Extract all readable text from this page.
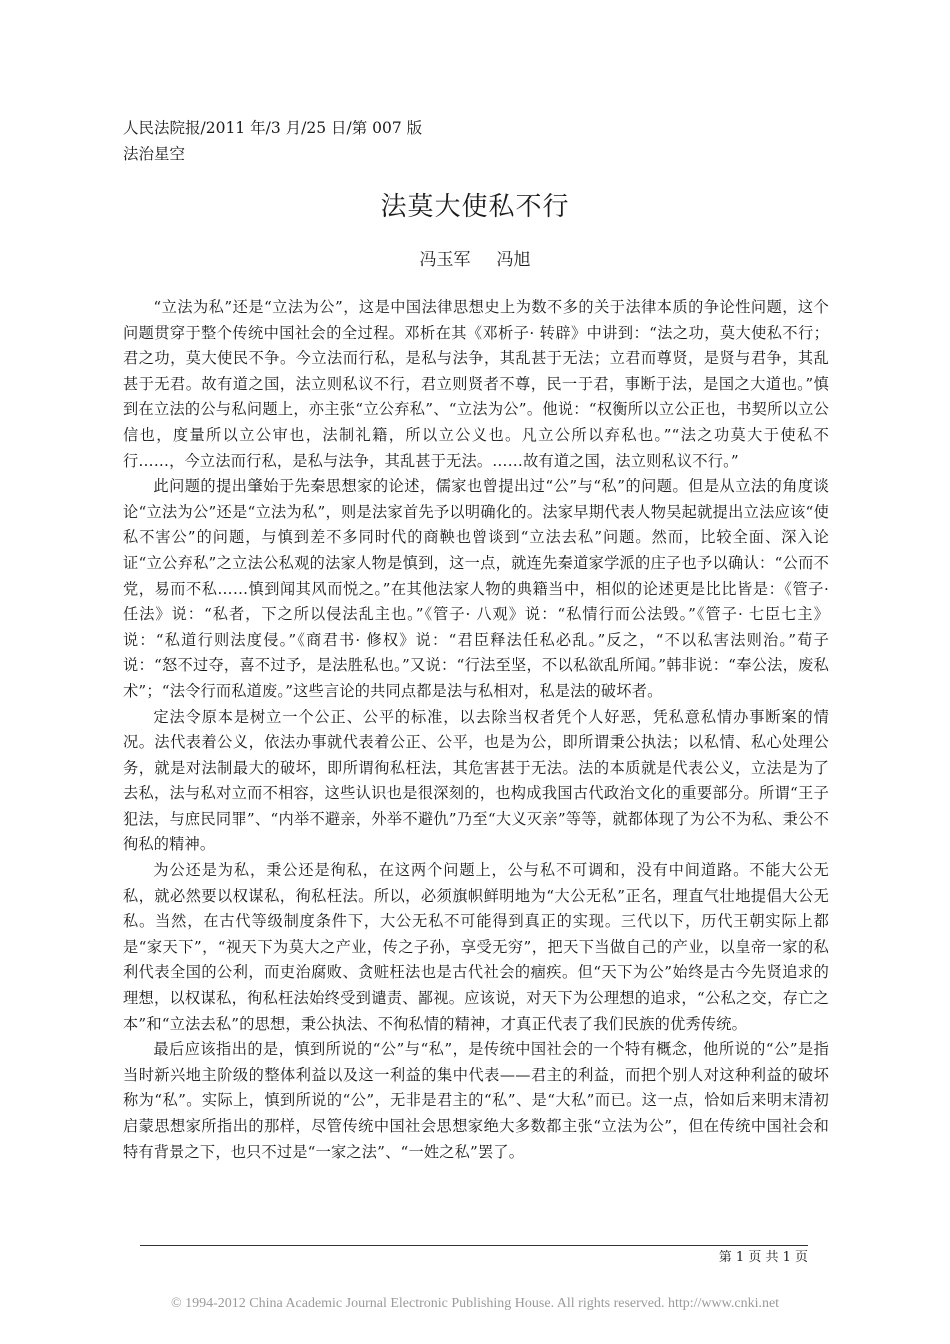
人民法院报/2011 年/3 月/25 日/第 007 版
法治星空
法莫大使私不行
冯玉军 冯旭

“立法为私”还是“立法为公”，这是中国法律思想史上为数不多的关于法律本质的争论性问题，这个问题贯穿于整个传统中国社会的全过程。邓析在其《邓析子· 转辟》中讲到：“法之功，莫大使私不行；君之功，莫大使民不争。今立法而行私，是私与法争，其乱甚于无法；立君而尊贤，是贤与君争，其乱甚于无君。故有道之国，法立则私议不行，君立则贤者不尊，民一于君，事断于法，是国之大道也。”慎到在立法的公与私问题上，亦主张“立公弃私”、“立法为公”。他说：“权衡所以立公正也，书契所以立公信也，度量所以立公审也，法制礼籍，所以立公义也。凡立公所以弃私也。”“法之功莫大于使私不行……，今立法而行私，是私与法争，其乱甚于无法。……故有道之国，法立则私议不行。”

此问题的提出肇始于先秦思想家的论述，儒家也曾提出过“公”与“私”的问题。但是从立法的角度谈论“立法为公”还是“立法为私”，则是法家首先予以明确化的。法家早期代表人物吴起就提出立法应该“使私不害公”的问题，与慎到差不多同时代的商鞅也曾谈到“立法去私”问题。然而，比较全面、深入论证“立公弃私”之立法公私观的法家人物是慎到，这一点，就连先秦道家学派的庄子也予以确认：“公而不党，易而不私……慎到闻其风而悦之。”在其他法家人物的典籍当中，相似的论述更是比比皆是：《管子· 任法》说：“私者，下之所以侵法乱主也。”《管子· 八观》说：“私情行而公法毁。”《管子· 七臣七主》说：“私道行则法度侵。”《商君书· 修权》说：“君臣释法任私必乱。”反之，“不以私害法则治。”荀子说：“怒不过夺，喜不过予，是法胜私也。”又说：“行法至坚，不以私欲乱所闻。”韩非说：“奉公法，废私术”；“法令行而私道废。”这些言论的共同点都是法与私相对，私是法的破坏者。

定法令原本是树立一个公正、公平的标准，以去除当权者凭个人好恶，凭私意私情办事断案的情况。法代表着公义，依法办事就代表着公正、公平，也是为公，即所谓秉公执法；以私情、私心处理公务，就是对法制最大的破坏，即所谓徇私枉法，其危害甚于无法。法的本质就是代表公义，立法是为了去私，法与私对立而不相容，这些认识也是很深刻的，也构成我国古代政治文化的重要部分。所谓“王子犯法，与庶民同罪”、“内举不避亲，外举不避仇”乃至“大义灭亲”等等，就都体现了为公不为私、秉公不徇私的精神。

为公还是为私，秉公还是徇私，在这两个问题上，公与私不可调和，没有中间道路。不能大公无私，就必然要以权谋私，徇私枉法。所以，必须旗帜鲜明地为“大公无私”正名，理直气壮地提倡大公无私。当然，在古代等级制度条件下，大公无私不可能得到真正的实现。三代以下，历代王朝实际上都是“家天下”，“视天下为莫大之产业，传之子孙，享受无穷”，把天下当做自己的产业，以皇帝一家的私利代表全国的公利，而吏治腐败、贪赃枉法也是古代社会的痼疾。但“天下为公”始终是古今先贤追求的理想，以权谋私，徇私枉法始终受到谴责、鄙视。应该说，对天下为公理想的追求，“公私之交，存亡之本”和“立法去私”的思想，秉公执法、不徇私情的精神，才真正代表了我们民族的优秀传统。

最后应该指出的是，慎到所说的“公”与“私”，是传统中国社会的一个特有概念，他所说的“公”是指当时新兴地主阶级的整体利益以及这一利益的集中代表——君主的利益，而把个别人对这种利益的破坏称为“私”。实际上，慎到所说的“公”，无非是君主的“私”、是“大私”而已。这一点，恰如后来明末清初启蒙思想家所指出的那样，尽管传统中国社会思想家绝大多数都主张“立法为公”，但在传统中国社会和特有背景之下，也只不过是“一家之法”、“一姓之私”罢了。

第 1 页 共 1 页
© 1994-2012 China Academic Journal Electronic Publishing House. All rights reserved. http://www.cnki.net
